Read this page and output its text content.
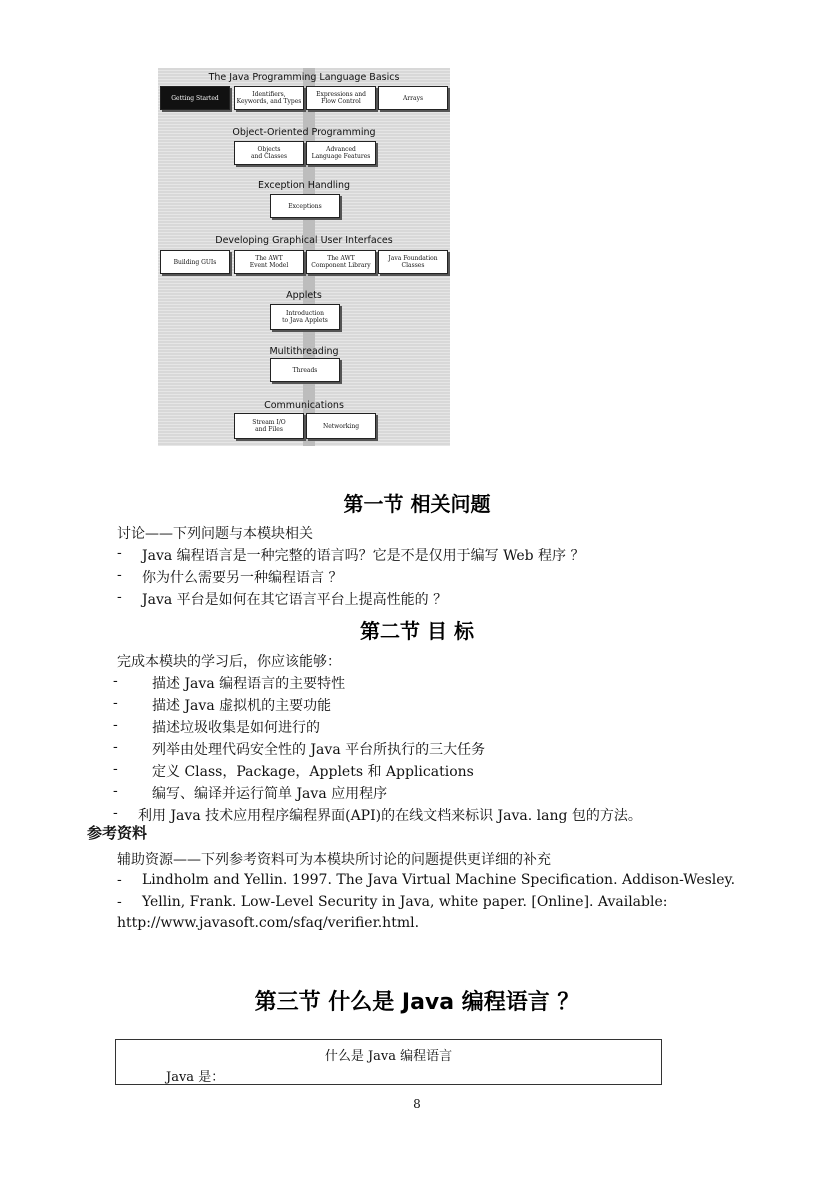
The Java Programming Language Basics
Getting Started	Identifiers,
Keywords, and Types
Expressions and
Flow Control	Arrays
Object-Oriented Programming
Objects
and Classes
Advanced
Language Features
Exception Handling
Exceptions
Developing Graphical User Interfaces
Building GUIs	The AWT
Event Model
The AWT
Component Library
Java Foundation
Classes
Applets
Introduction
to Java Applets
Multithreading
Threads
Communications
Stream I/O
and Files	Networking
第一节 相关问题
讨论——下列问题与本模块相关
- Java 编程语言是一种完整的语言吗？它是不是仅用于编写 Web 程序 ？
- 你为什么需要另一种编程语言 ？
- Java 平台是如何在其它语言平台上提高性能的 ？
第二节 目 标
完成本模块的学习后，你应该能够：
- 描述 Java 编程语言的主要特性
- 描述 Java 虚拟机的主要功能
- 描述垃圾收集是如何进行的
- 列举由处理代码安全性的 Java 平台所执行的三大任务
- 定义 Class，Package，Applets 和 Applications
- 编写、编译并运行简单 Java 应用程序
- 利用 Java 技术应用程序编程界面(API)的在线文档来标识 Java. lang 包的方法。
参考资料
辅助资源——下列参考资料可为本模块所讨论的问题提供更详细的补充
- Lindholm and Yellin. 1997. The Java Virtual Machine Specification. Addison-Wesley.
- Yellin, Frank. Low-Level Security in Java, white paper. [Online]. Available:
http://www.javasoft.com/sfaq/verifier.html.
第三节 什么是 Java 编程语言 ？
什么是 Java 编程语言
Java 是：
8
